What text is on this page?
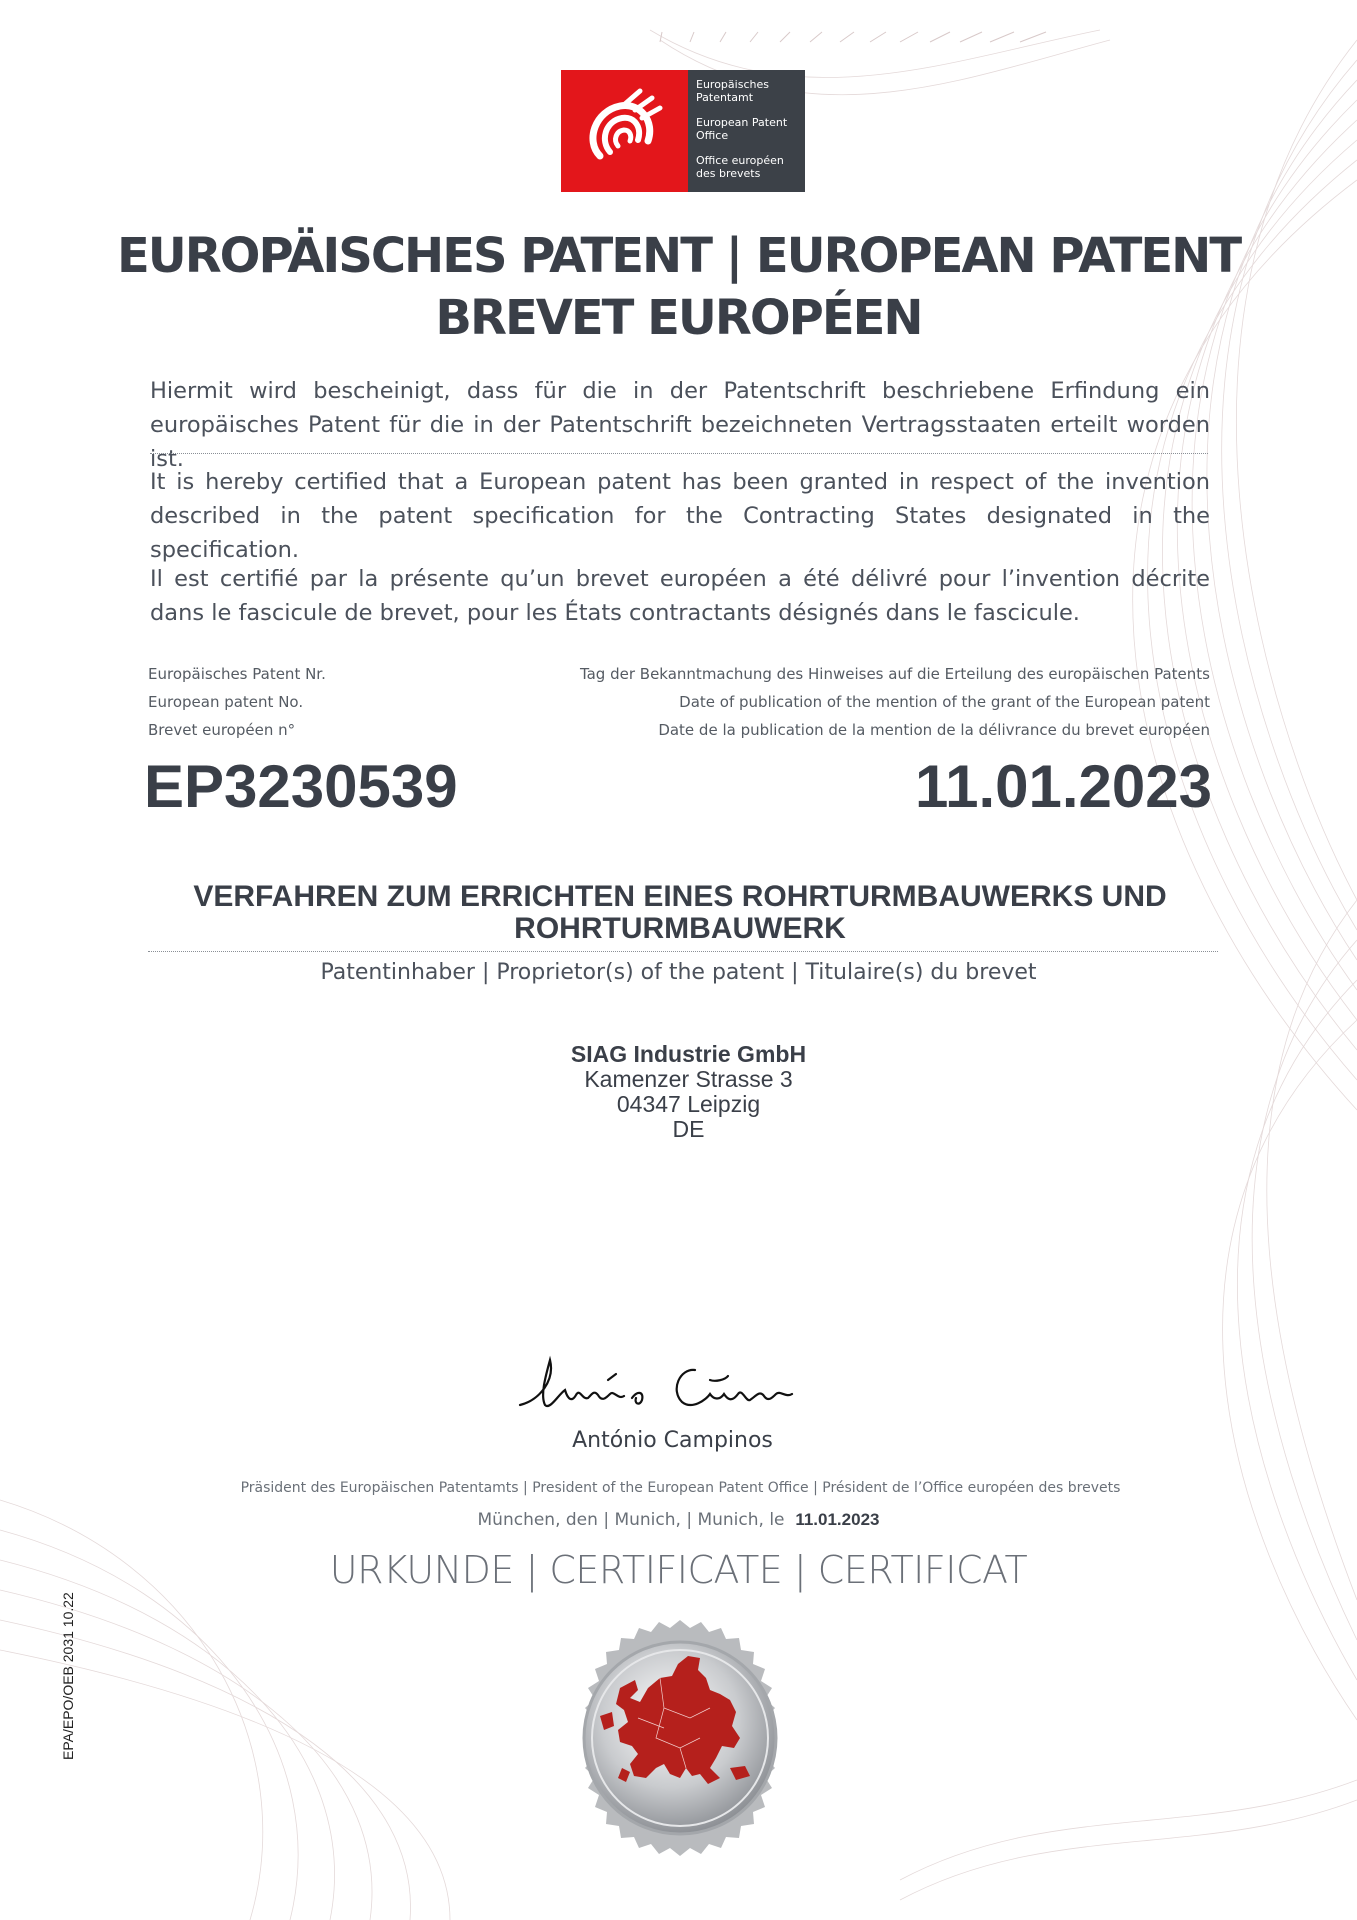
Europäisches Patentamt
European Patent Office
Office européen des brevets
EUROPÄISCHES PATENT | EUROPEAN PATENT
BREVET EUROPÉEN
Hiermit wird bescheinigt, dass für die in der Patentschrift beschriebene Erfindung ein europäisches Patent für die in der Patentschrift bezeichneten Vertragsstaaten erteilt worden ist.
It is hereby certified that a European patent has been granted in respect of the invention described in the patent specification for the Contracting States designated in the specification.
Il est certifié par la présente qu’un brevet européen a été délivré pour l’invention décrite dans le fascicule de brevet, pour les États contractants désignés dans le fascicule.
Europäisches Patent Nr.
European patent No.
Brevet européen n°
Tag der Bekanntmachung des Hinweises auf die Erteilung des europäischen Patents
Date of publication of the mention of the grant of the European patent
Date de la publication de la mention de la délivrance du brevet européen
EP3230539	11.01.2023
VERFAHREN ZUM ERRICHTEN EINES ROHRTURMBAUWERKS UND
ROHRTURMBAUWERK
Patentinhaber | Proprietor(s) of the patent | Titulaire(s) du brevet
SIAG Industrie GmbH
Kamenzer Strasse 3
04347 Leipzig
DE
António Campinos
Präsident des Europäischen Patentamts | President of the European Patent Office | Président de l’Office européen des brevets
München, den | Munich, | Munich, le 11.01.2023
URKUNDE | CERTIFICATE | CERTIFICAT
EPA/EPO/OEB 2031 10.22
